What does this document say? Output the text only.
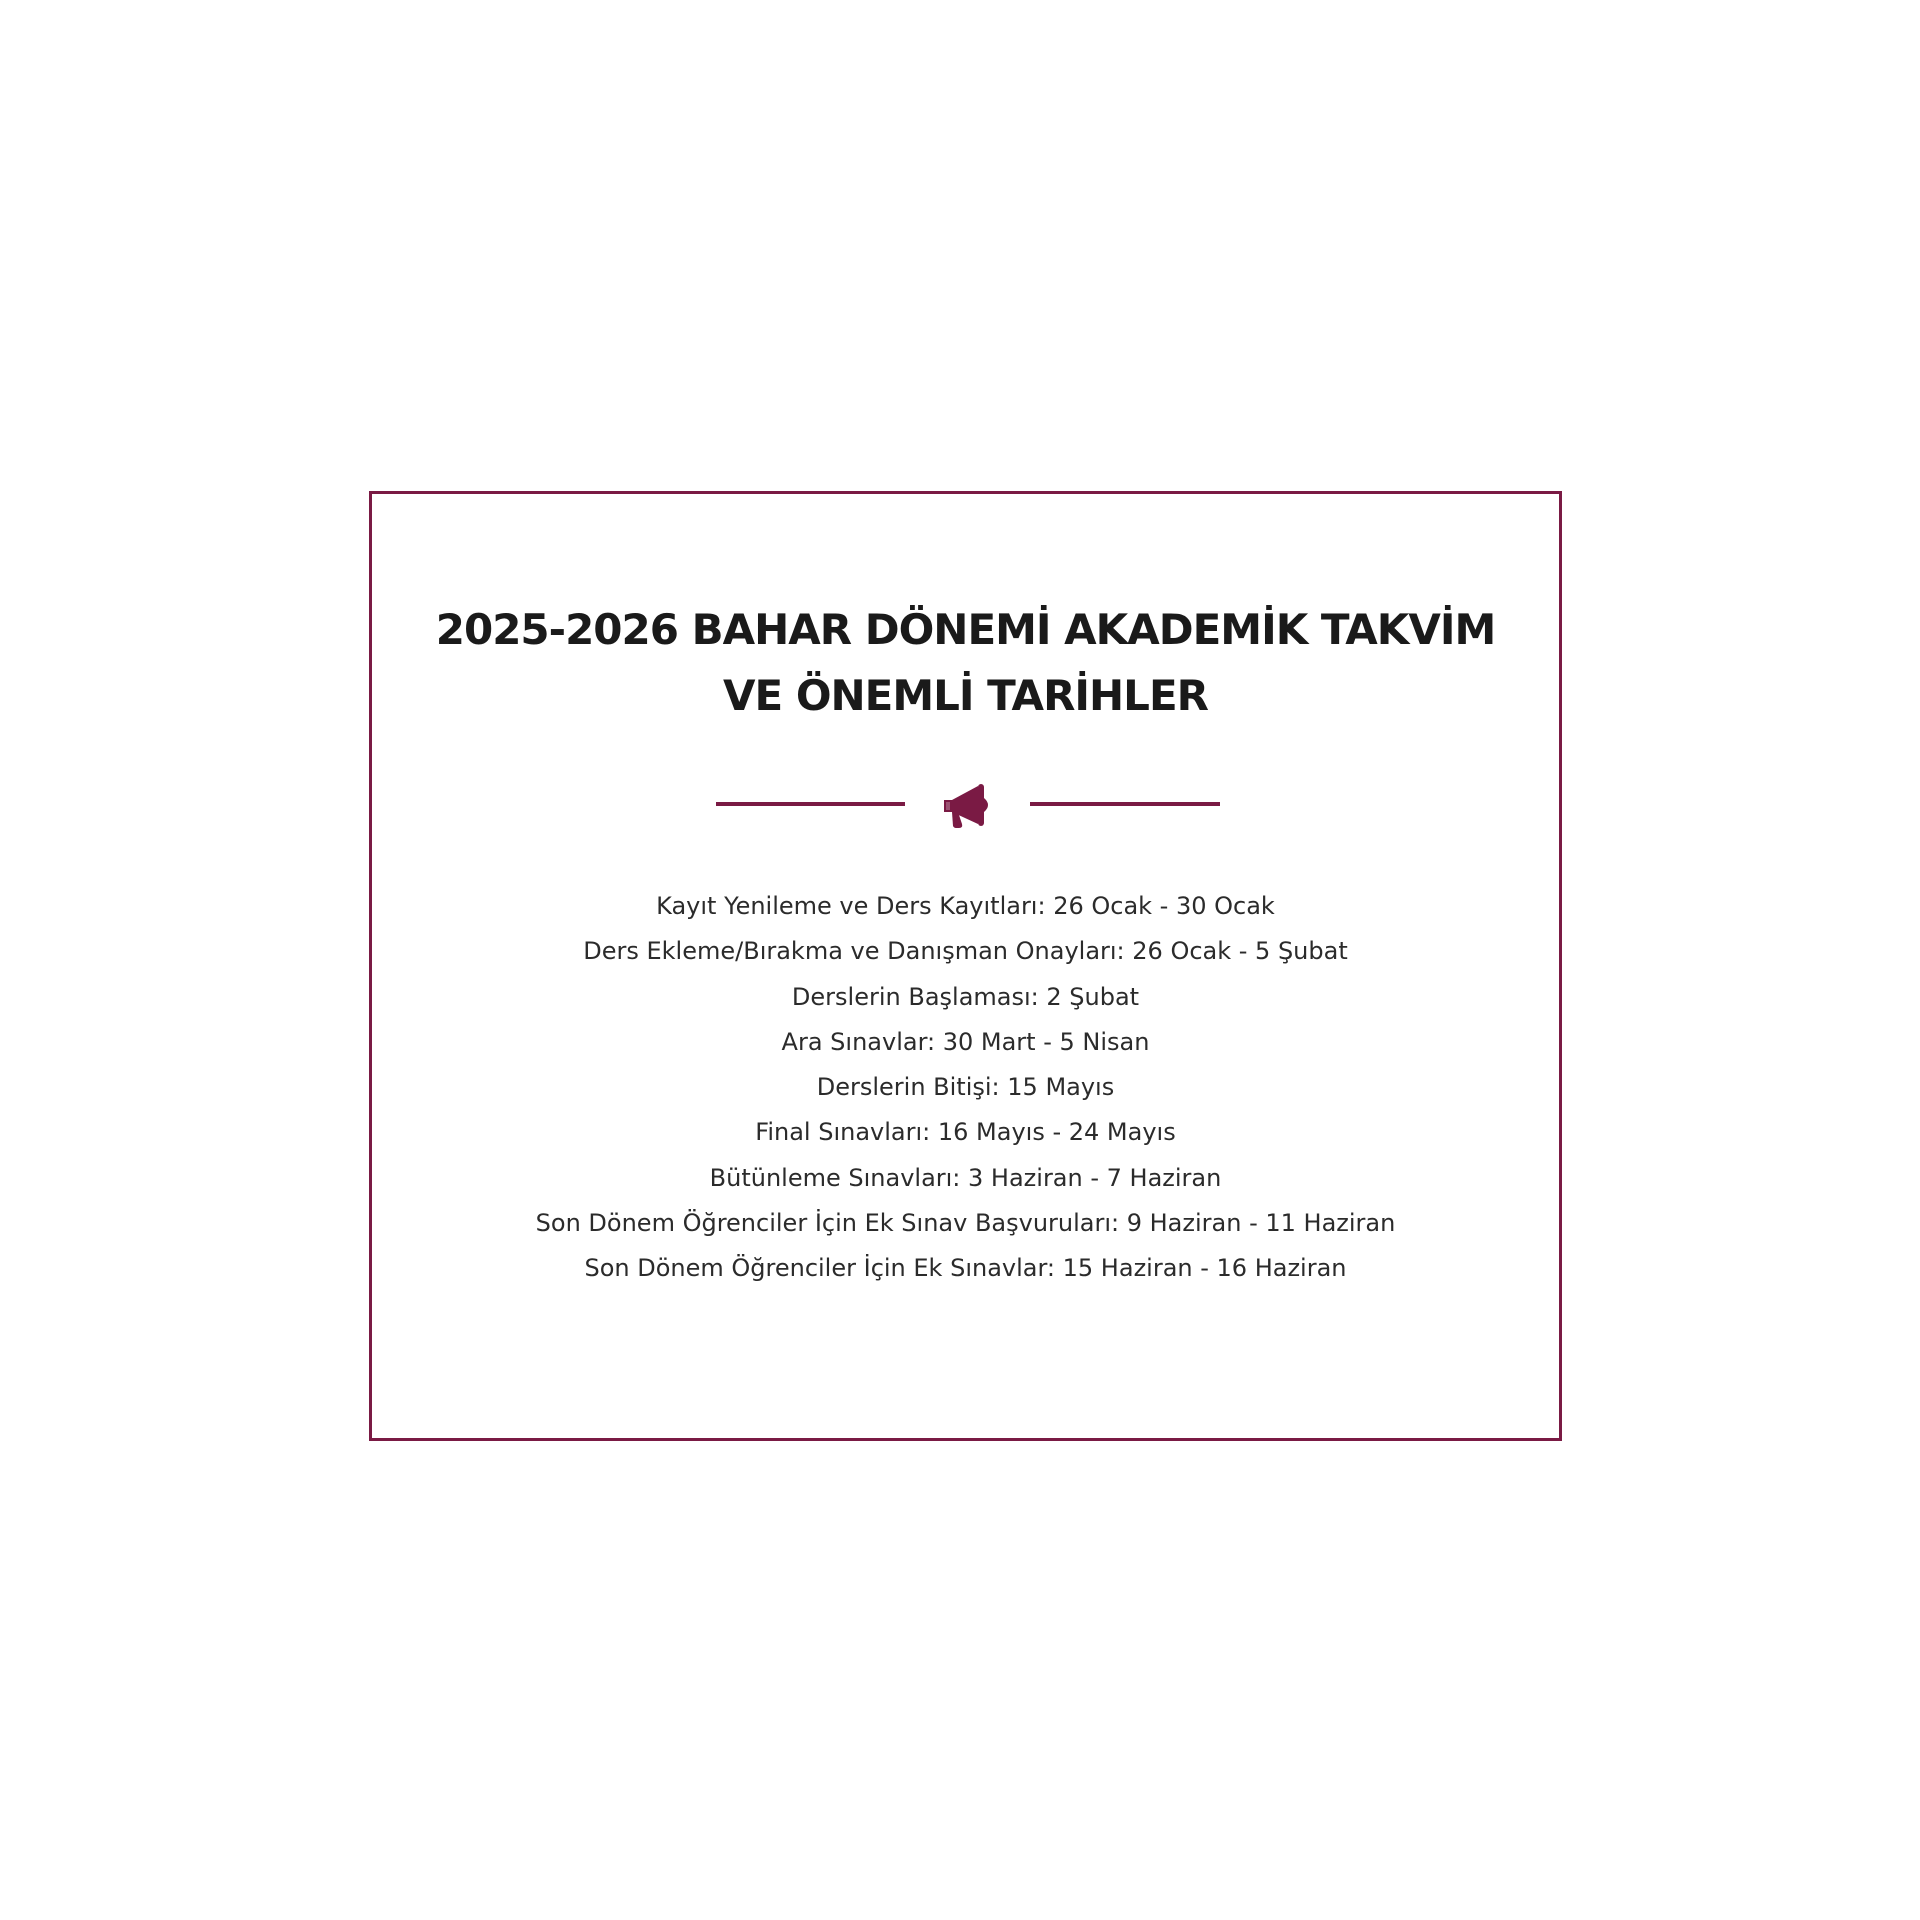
2025-2026 BAHAR DÖNEMİ AKADEMİK TAKVİM VE ÖNEMLİ TARİHLER
Kayıt Yenileme ve Ders Kayıtları: 26 Ocak - 30 Ocak
Ders Ekleme/Bırakma ve Danışman Onayları: 26 Ocak - 5 Şubat
Derslerin Başlaması: 2 Şubat
Ara Sınavlar: 30 Mart - 5 Nisan
Derslerin Bitişi: 15 Mayıs
Final Sınavları: 16 Mayıs - 24 Mayıs
Bütünleme Sınavları: 3 Haziran - 7 Haziran
Son Dönem Öğrenciler İçin Ek Sınav Başvuruları: 9 Haziran - 11 Haziran
Son Dönem Öğrenciler İçin Ek Sınavlar: 15 Haziran - 16 Haziran
